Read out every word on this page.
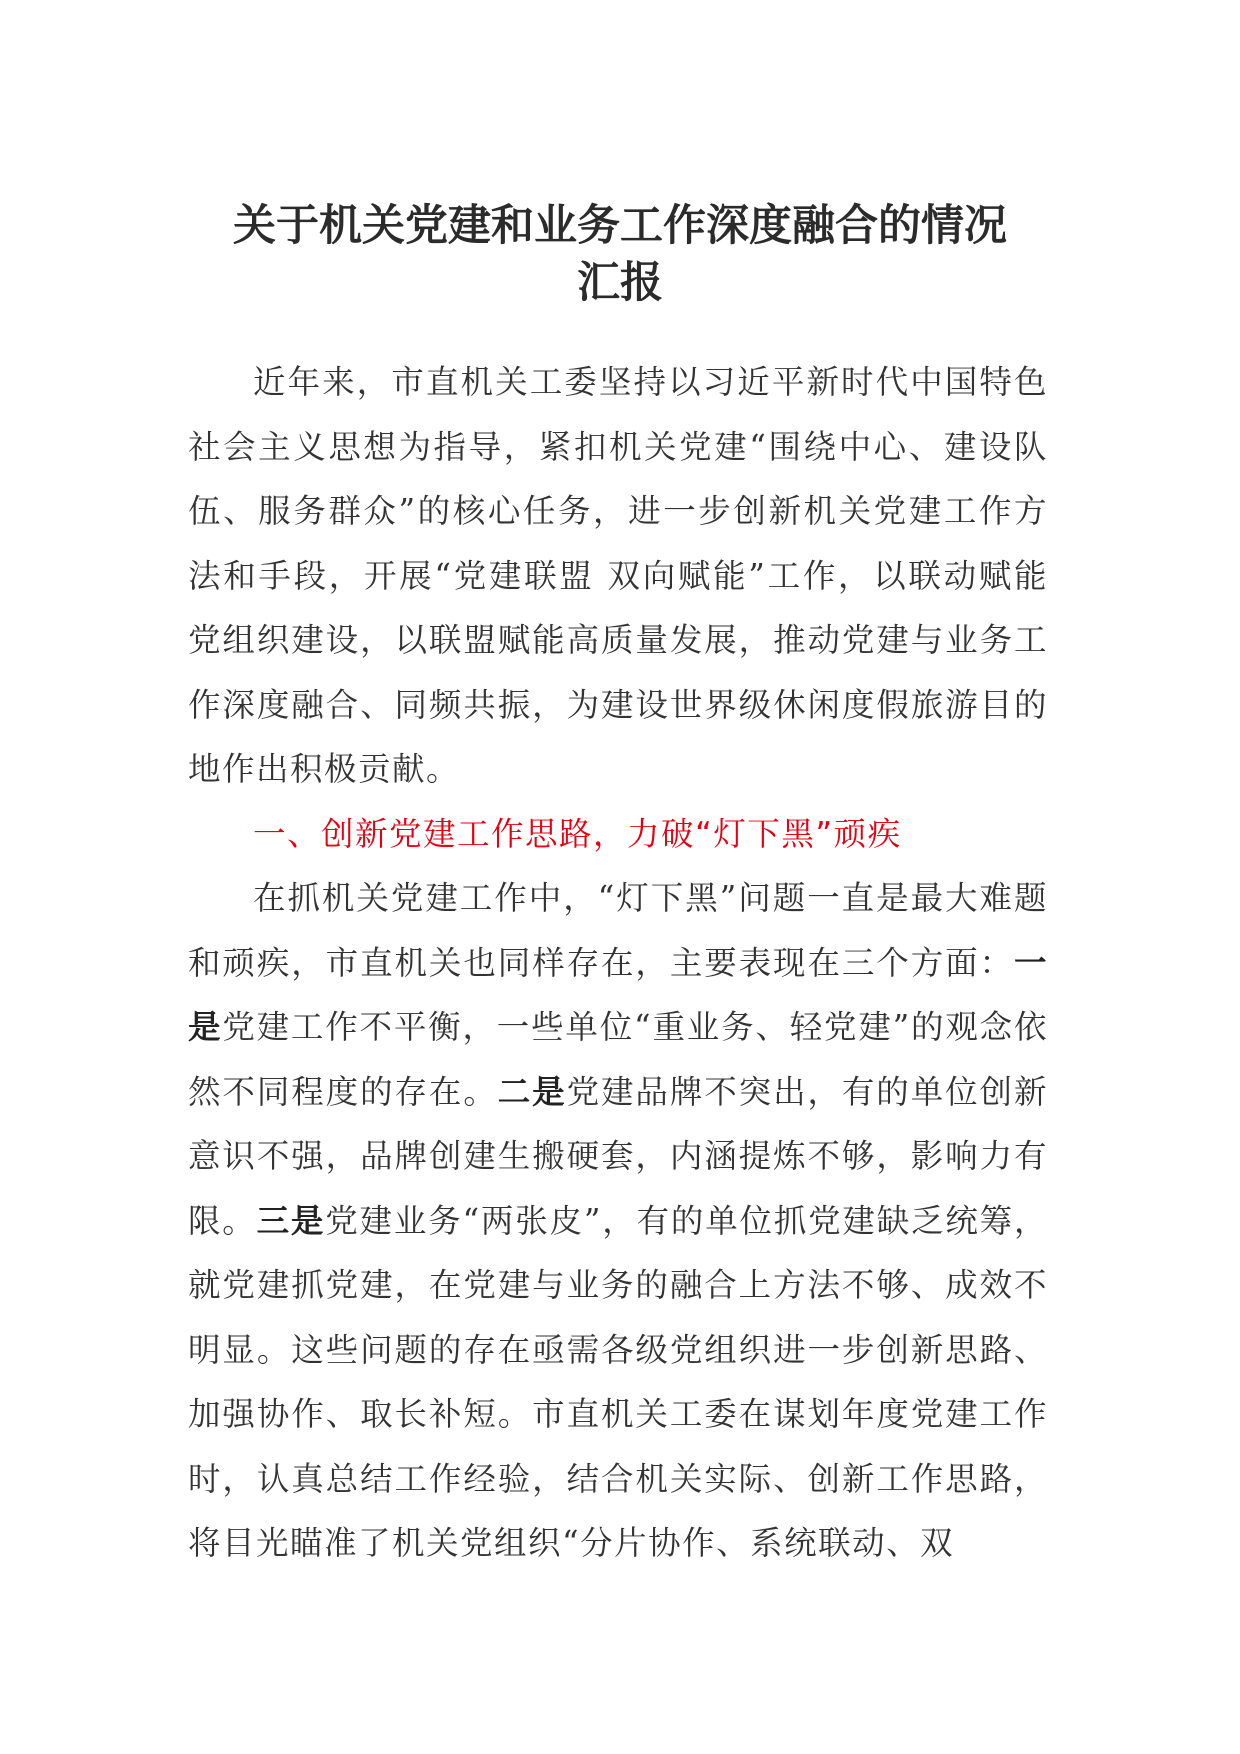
关于机关党建和业务工作深度融合的情况
汇报

近年来，市直机关工委坚持以习近平新时代中国特色社会主义思想为指导，紧扣机关党建“围绕中心、建设队伍、服务群众”的核心任务，进一步创新机关党建工作方法和手段，开展“党建联盟 双向赋能”工作，以联动赋能党组织建设，以联盟赋能高质量发展，推动党建与业务工作深度融合、同频共振，为建设世界级休闲度假旅游目的地作出积极贡献。

一、创新党建工作思路，力破“灯下黑”顽疾

在抓机关党建工作中，“灯下黑”问题一直是最大难题和顽疾，市直机关也同样存在，主要表现在三个方面：一是党建工作不平衡，一些单位“重业务、轻党建”的观念依然不同程度的存在。二是党建品牌不突出，有的单位创新意识不强，品牌创建生搬硬套，内涵提炼不够，影响力有限。三是党建业务“两张皮”，有的单位抓党建缺乏统筹，就党建抓党建，在党建与业务的融合上方法不够、成效不明显。这些问题的存在亟需各级党组织进一步创新思路、加强协作、取长补短。市直机关工委在谋划年度党建工作时，认真总结工作经验，结合机关实际、创新工作思路，将目光瞄准了机关党组织“分片协作、系统联动、双
